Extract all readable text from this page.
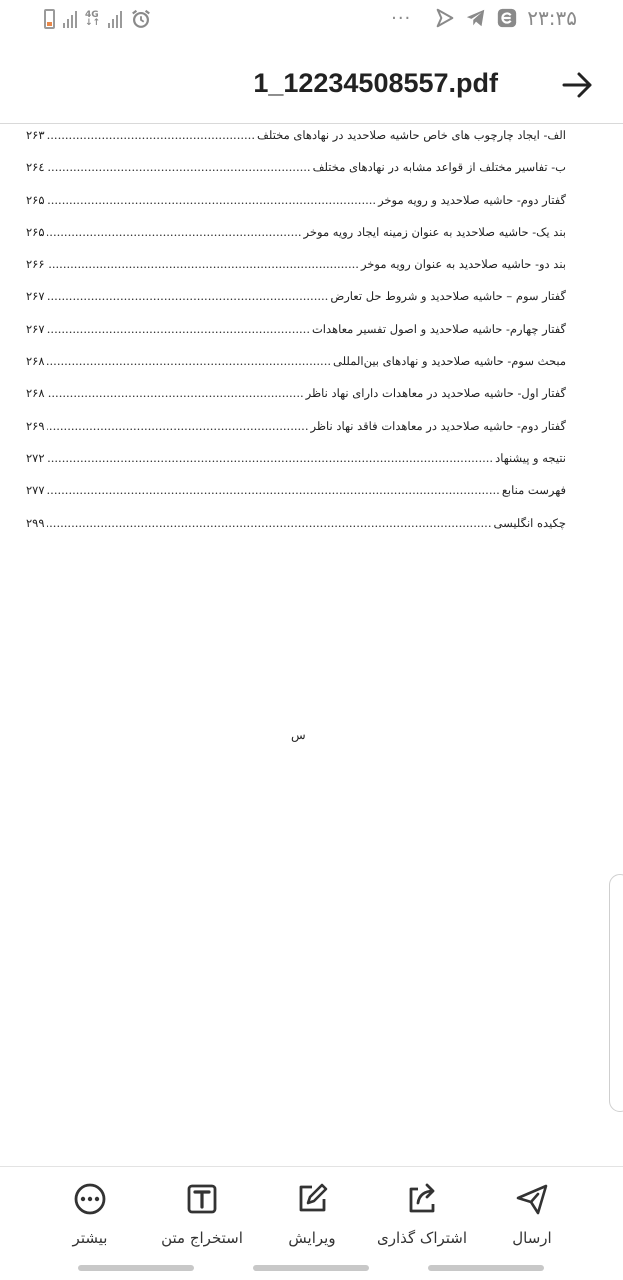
4G
↓↑	···	۲۳:۳۵
1_12234508557.pdf
الف- ایجاد چارچوب های خاص حاشیه صلاحدید در نهادهای مختلف
.....
۲۶۳
ب- تفاسیر مختلف از قواعد مشابه در نهادهای مختلف
.....
۲۶٤
گفتار دوم- حاشیه صلاحدید و رویه موخر
.....
۲۶۵
بند یک- حاشیه صلاحدید به عنوان زمینه ایجاد رویه موخر
.....
۲۶۵
بند دو- حاشیه صلاحدید به عنوان رویه موخر
.....
۲۶۶
گفتار سوم – حاشیه صلاحدید و شروط حل تعارض
.....
۲۶۷
گفتار چهارم- حاشیه صلاحدید و اصول تفسیر معاهدات
.....
۲۶۷
مبحث سوم- حاشیه صلاحدید و نهادهای بین‌المللی
.....
۲۶۸
گفتار اول- حاشیه صلاحدید در معاهدات دارای نهاد ناظر
.....
۲۶۸
گفتار دوم- حاشیه صلاحدید در معاهدات فاقد نهاد ناظر
.....
۲۶۹
نتیجه و پیشنهاد
.....
۲۷۲
فهرست منابع
.....
۲۷۷
چکیده انگلیسی
.....
۲۹۹
س
ارسال
اشتراک گذاری
ویرایش
استخراج متن
بیشتر
